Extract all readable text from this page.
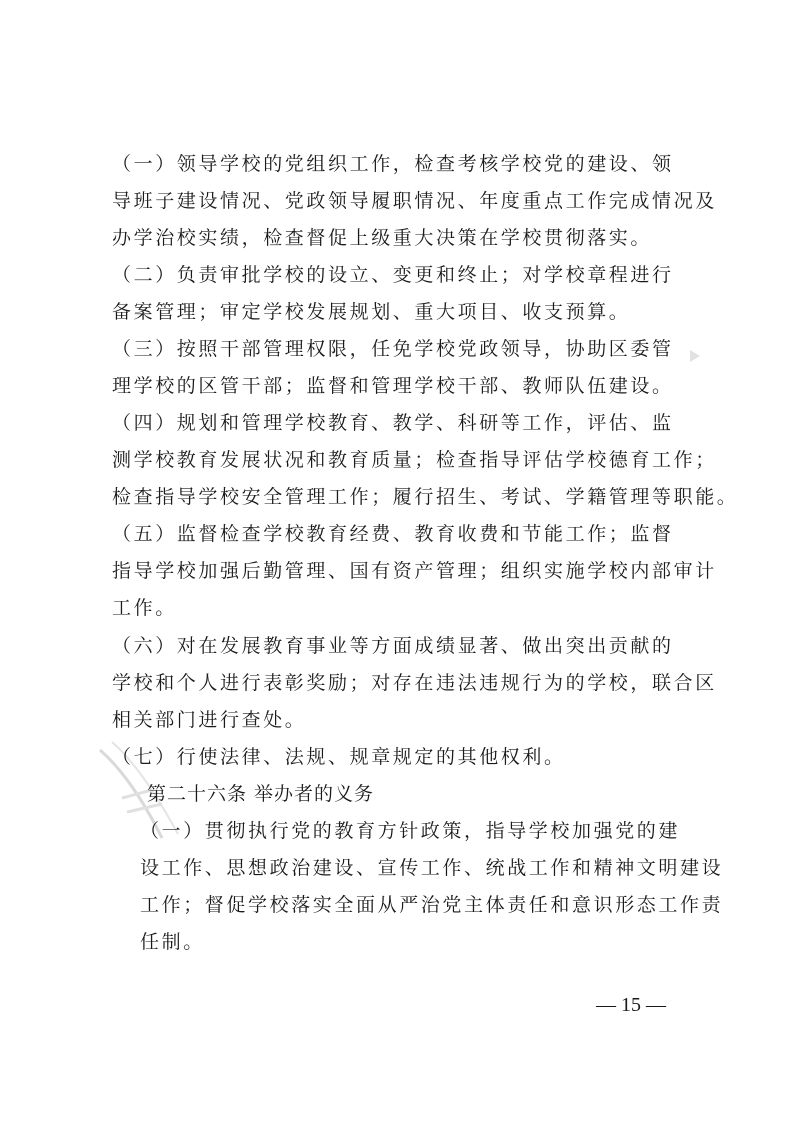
（一）领导学校的党组织工作，检查考核学校党的建设、领
导班子建设情况、党政领导履职情况、年度重点工作完成情况及
办学治校实绩，检查督促上级重大决策在学校贯彻落实。

（二）负责审批学校的设立、变更和终止；对学校章程进行
备案管理；审定学校发展规划、重大项目、收支预算。

（三）按照干部管理权限，任免学校党政领导，协助区委管
理学校的区管干部；监督和管理学校干部、教师队伍建设。

（四）规划和管理学校教育、教学、科研等工作，评估、监
测学校教育发展状况和教育质量；检查指导评估学校德育工作；
检查指导学校安全管理工作；履行招生、考试、学籍管理等职能。

（五）监督检查学校教育经费、教育收费和节能工作；监督
指导学校加强后勤管理、国有资产管理；组织实施学校内部审计
工作。

（六）对在发展教育事业等方面成绩显著、做出突出贡献的
学校和个人进行表彰奖励；对存在违法违规行为的学校，联合区
相关部门进行查处。

（七）行使法律、法规、规章规定的其他权利。

第二十六条 举办者的义务

（一）贯彻执行党的教育方针政策，指导学校加强党的建
设工作、思想政治建设、宣传工作、统战工作和精神文明建设
工作；督促学校落实全面从严治党主体责任和意识形态工作责
任制。

— 15 —
